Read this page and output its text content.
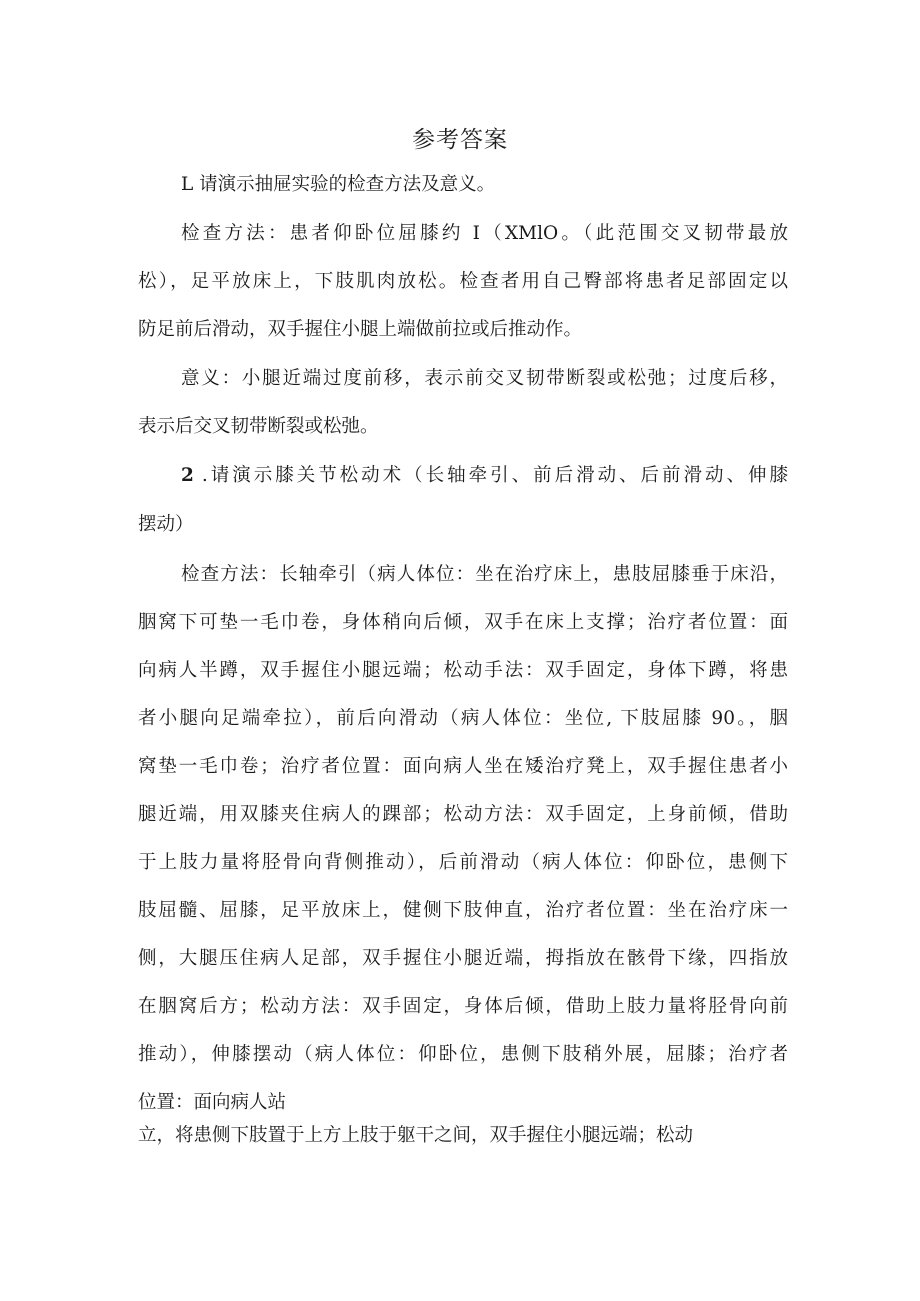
参考答案
L 请演示抽屉实验的检查方法及意义。
检查方法：患者仰卧位屈膝约 I（XMlO。（此范围交叉韧带最放
松），足平放床上，下肢肌肉放松。检查者用自己臀部将患者足部固定以
防足前后滑动，双手握住小腿上端做前拉或后推动作。
意义：小腿近端过度前移，表示前交叉韧带断裂或松弛；过度后移，
表示后交叉韧带断裂或松弛。
2 .请演示膝关节松动术（长轴牵引、前后滑动、后前滑动、伸膝
摆动）
检查方法：长轴牵引（病人体位：坐在治疗床上，患肢屈膝垂于床沿，
胭窝下可垫一毛巾卷，身体稍向后倾，双手在床上支撑；治疗者位置：面
向病人半蹲，双手握住小腿远端；松动手法：双手固定，身体下蹲，将患
者小腿向足端牵拉），前后向滑动（病人体位：坐位, 下肢屈膝 90。，胭
窝垫一毛巾卷；治疗者位置：面向病人坐在矮治疗凳上，双手握住患者小
腿近端，用双膝夹住病人的踝部；松动方法：双手固定，上身前倾，借助
于上肢力量将胫骨向背侧推动），后前滑动（病人体位：仰卧位，患侧下
肢屈髓、屈膝，足平放床上，健侧下肢伸直，治疗者位置：坐在治疗床一
侧，大腿压住病人足部，双手握住小腿近端，拇指放在骸骨下缘，四指放
在胭窝后方；松动方法：双手固定，身体后倾，借助上肢力量将胫骨向前
推动），伸膝摆动（病人体位：仰卧位，患侧下肢稍外展，屈膝；治疗者
位置：面向病人站
立，将患侧下肢置于上方上肢于躯干之间，双手握住小腿远端；松动
